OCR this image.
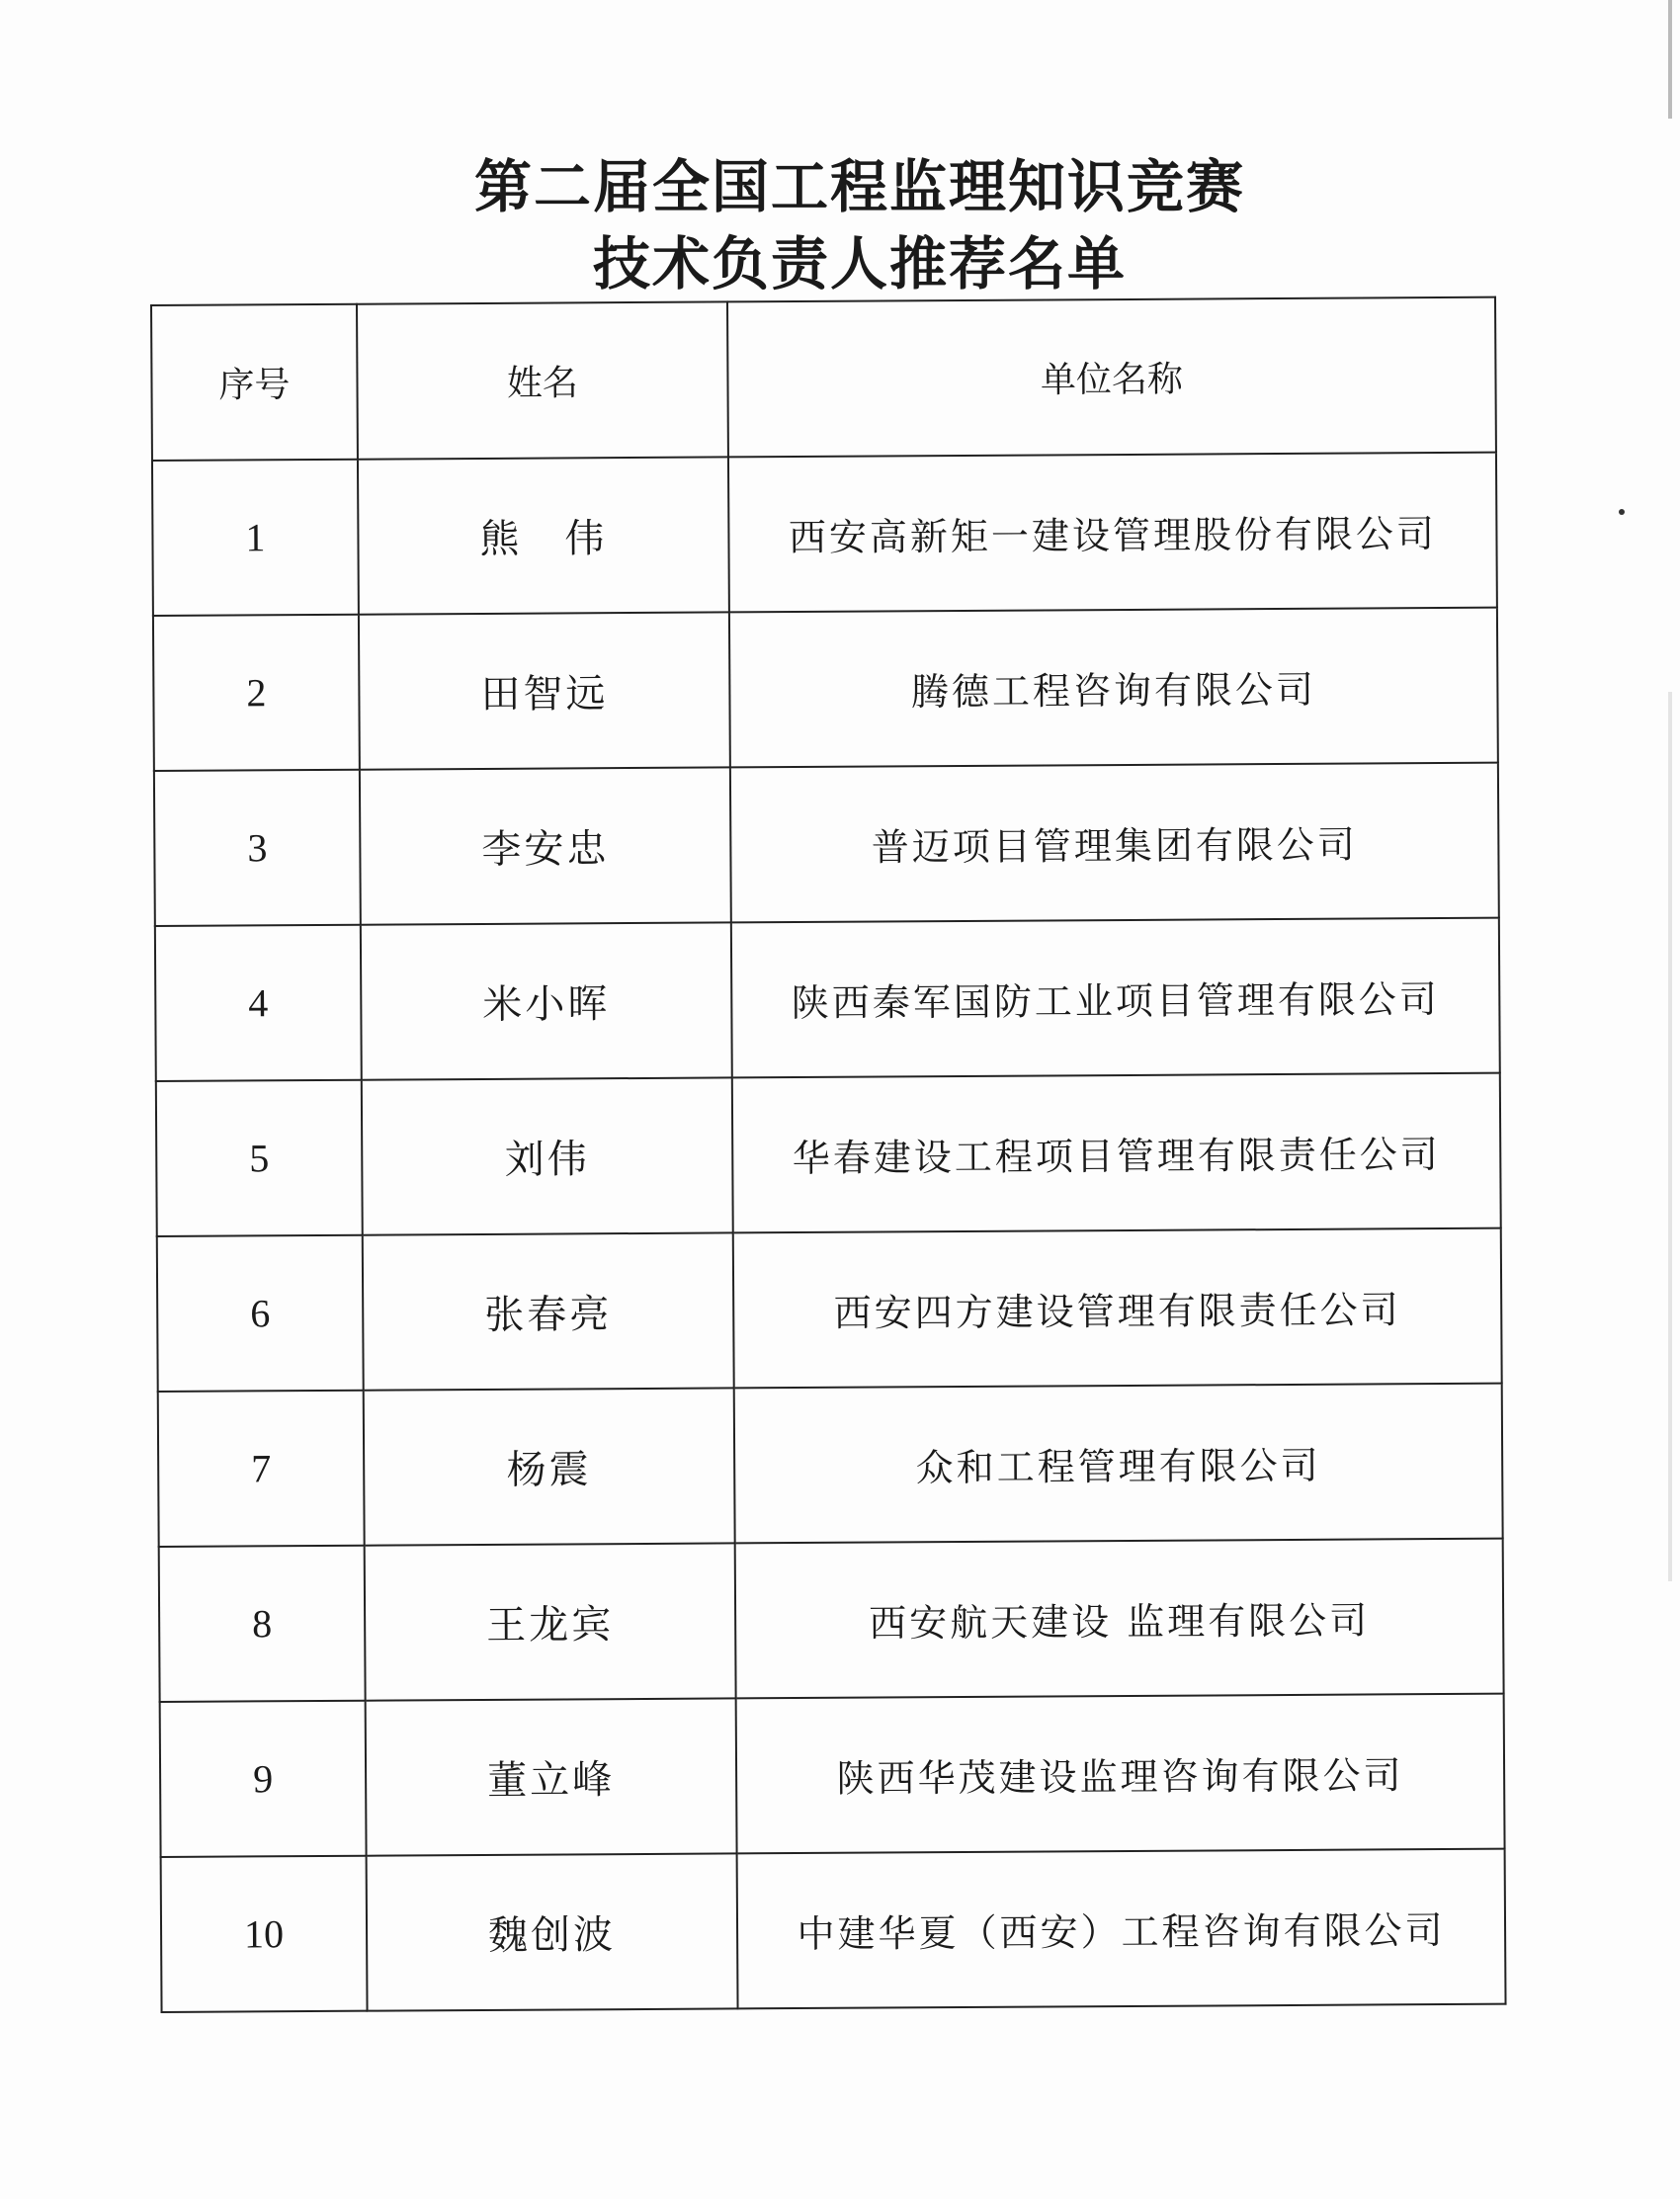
第二届全国工程监理知识竞赛
技术负责人推荐名单
序号	姓名	单位名称
1	熊　伟	西安高新矩一建设管理股份有限公司
2	田智远	腾德工程咨询有限公司
3	李安忠	普迈项目管理集团有限公司
4	米小晖	陕西秦军国防工业项目管理有限公司
5	刘伟	华春建设工程项目管理有限责任公司
6	张春亮	西安四方建设管理有限责任公司
7	杨震	众和工程管理有限公司
8	王龙宾	西安航天建设 监理有限公司
9	董立峰	陕西华茂建设监理咨询有限公司
10	魏创波	中建华夏（西安）工程咨询有限公司
